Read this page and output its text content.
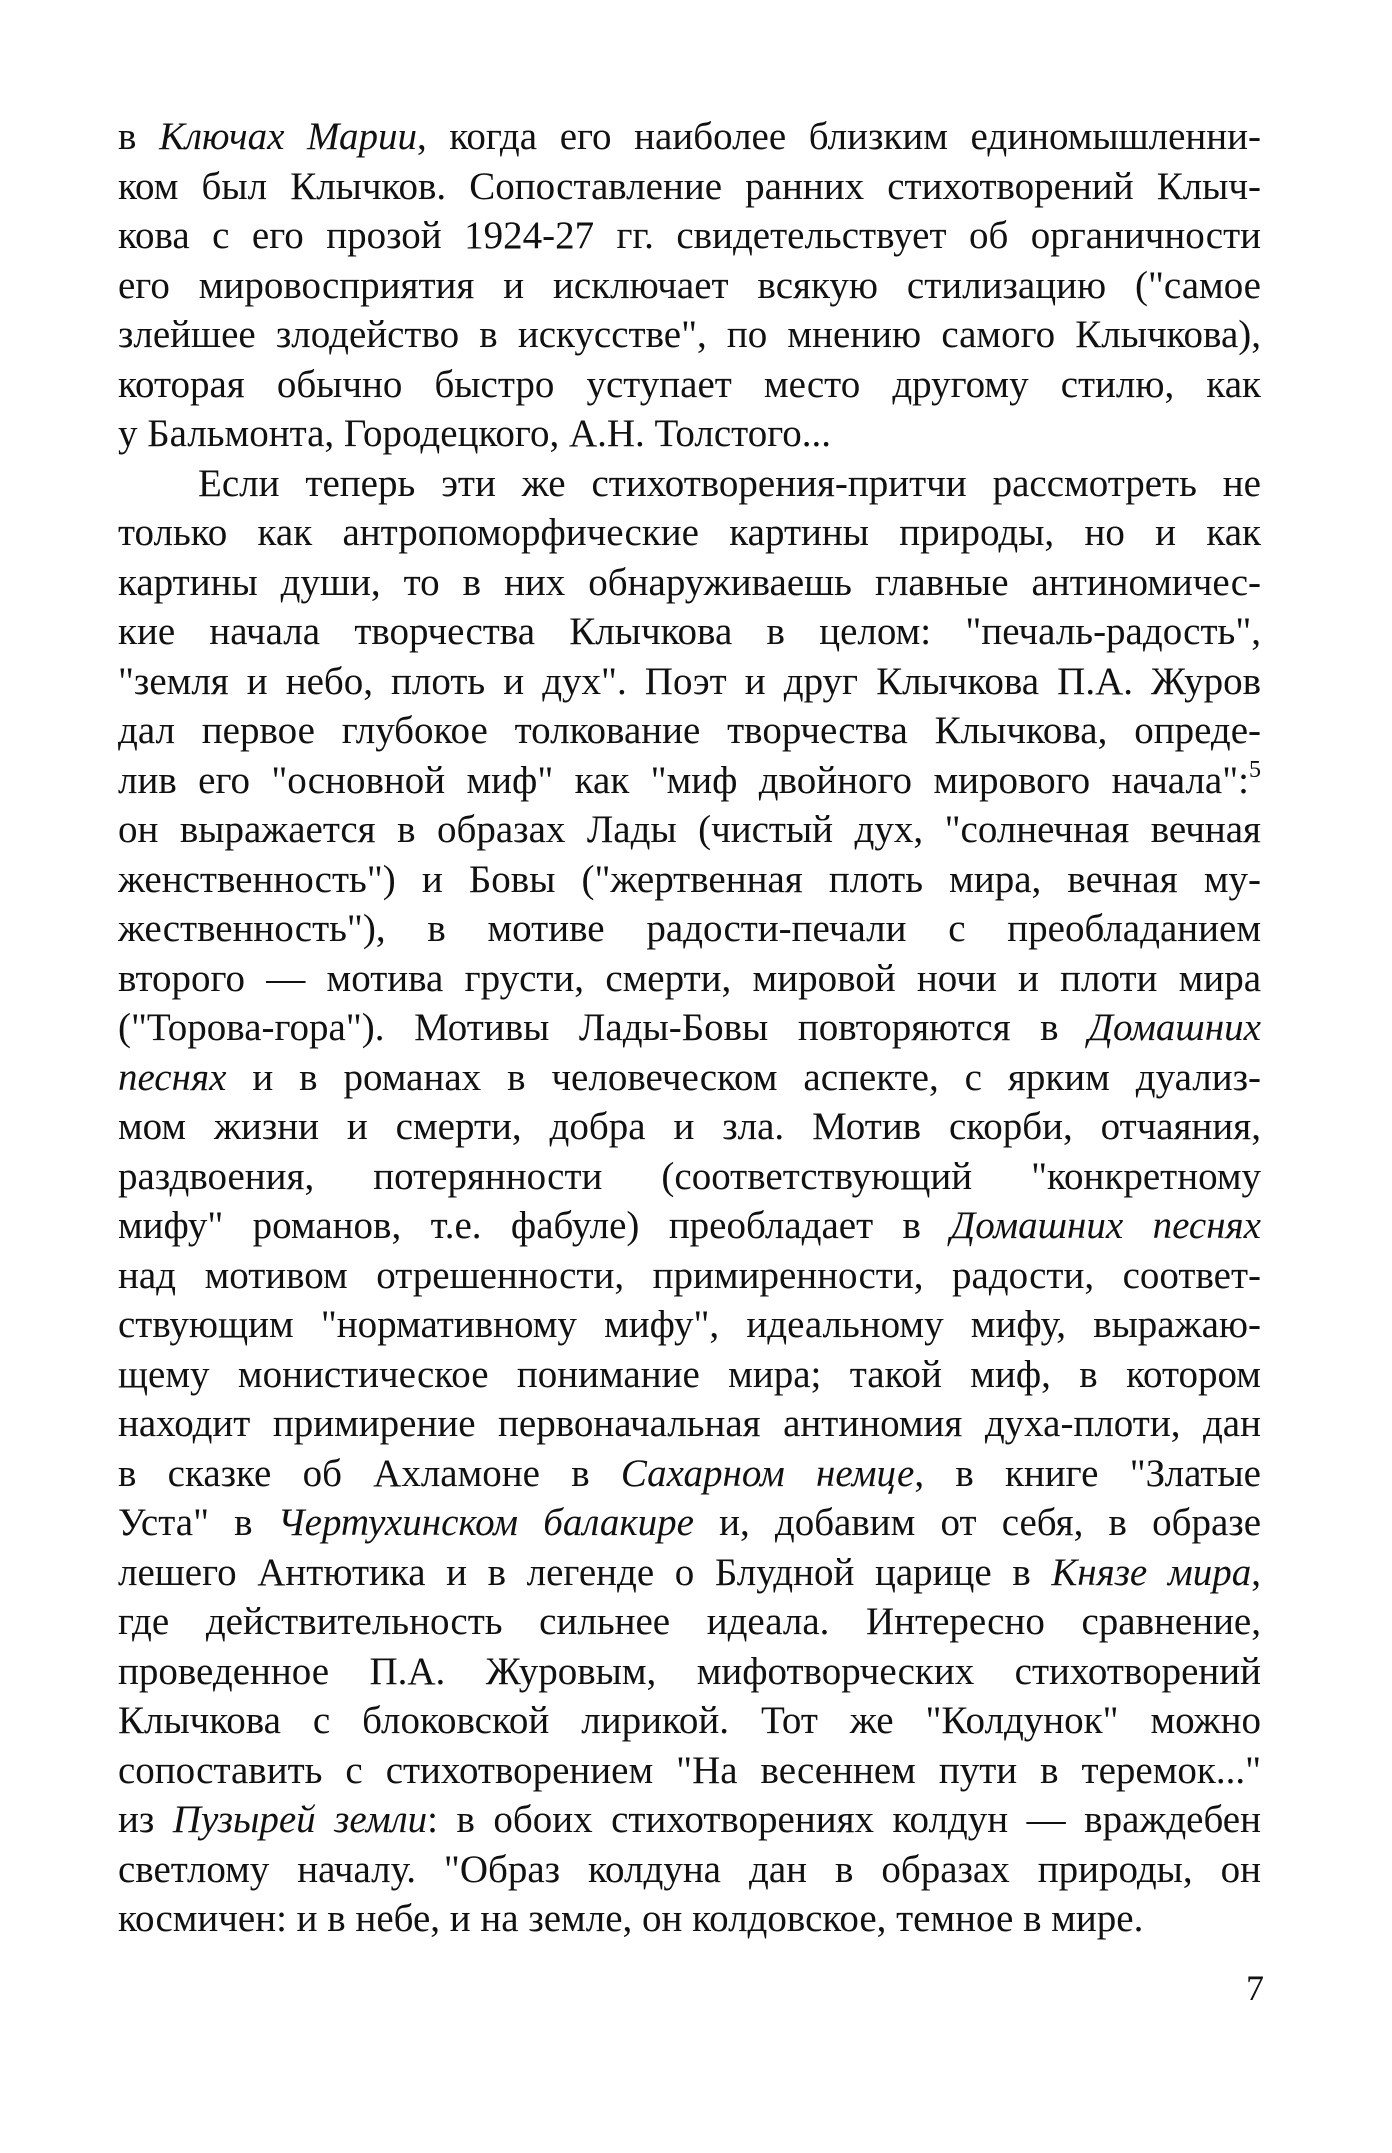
в Ключах Марии, когда его наиболее близким единомышленни-
ком был Клычков. Сопоставление ранних стихотворений Клыч-
кова с его прозой 1924-27 гг. свидетельствует об органичности
его мировосприятия и исключает всякую стилизацию ("самое
злейшее злодейство в искусстве", по мнению самого Клычкова),
которая обычно быстро уступает место другому стилю, как
у Бальмонта, Городецкого, А.Н. Толстого...
Если теперь эти же стихотворения-притчи рассмотреть не
только как антропоморфические картины природы, но и как
картины души, то в них обнаруживаешь главные антиномичес-
кие начала творчества Клычкова в целом: "печаль-радость",
"земля и небо, плоть и дух". Поэт и друг Клычкова П.А. Журов
дал первое глубокое толкование творчества Клычкова, опреде-
лив его "основной миф" как "миф двойного мирового начала":$^5$
он выражается в образах Лады (чистый дух, "солнечная вечная
женственность") и Бовы ("жертвенная плоть мира, вечная му-
жественность"), в мотиве радости-печали с преобладанием
второго — мотива грусти, смерти, мировой ночи и плоти мира
("Торова-гора"). Мотивы Лады-Бовы повторяются в Домашних
песнях и в романах в человеческом аспекте, с ярким дуализ-
мом жизни и смерти, добра и зла. Мотив скорби, отчаяния,
раздвоения, потерянности (соответствующий "конкретному
мифу" романов, т.е. фабуле) преобладает в Домашних песнях
над мотивом отрешенности, примиренности, радости, соответ-
ствующим "нормативному мифу", идеальному мифу, выражаю-
щему монистическое понимание мира; такой миф, в котором
находит примирение первоначальная антиномия духа-плоти, дан
в сказке об Ахламоне в Сахарном немце, в книге "Златые
Уста" в Чертухинском балакире и, добавим от себя, в образе
лешего Антютика и в легенде о Блудной царице в Князе мира,
где действительность сильнее идеала. Интересно сравнение,
проведенное П.А. Журовым, мифотворческих стихотворений
Клычкова с блоковской лирикой. Тот же "Колдунок" можно
сопоставить с стихотворением "На весеннем пути в теремок..."
из Пузырей земли: в обоих стихотворениях колдун — враждебен
светлому началу. "Образ колдуна дан в образах природы, он
космичен: и в небе, и на земле, он колдовское, темное в мире.
7
